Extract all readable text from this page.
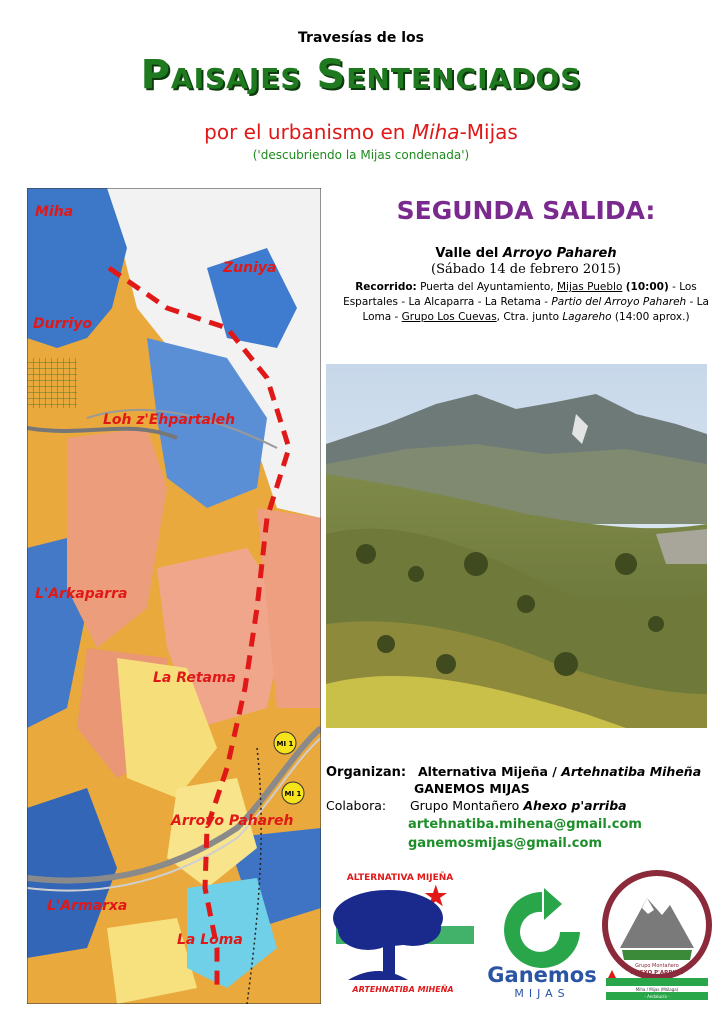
Travesías de los
Paisajes Sentenciados
por el urbanismo en Miha-Mijas
('descubriendo la Mijas condenada')
Miha
Zuniya
Durriyo
Loh z'Ehpartaleh
L'Arkaparra
La Retama
Arroyo Pahareh
L'Armarxa
La Loma
MI 1
MI 1
SEGUNDA SALIDA:
Valle del Arroyo Pahareh
(Sábado 14 de febrero 2015)
Recorrido: Puerta del Ayuntamiento, Mijas Pueblo (10:00) - Los Espartales - La Alcaparra - La Retama - Partio del Arroyo Pahareh - La Loma - Grupo Los Cuevas, Ctra. junto Lagareho (14:00 aprox.)
Organizan: Alternativa Mijeña / Artehnatiba Miheña
GANEMOS MIJAS
Colabora: Grupo Montañero Ahexo p'arriba
artehnatiba.mihena@gmail.com
ganemosmijas@gmail.com
ALTERNATIVA MIJEÑA
ARTEHNATIBA MIHEÑA
Ganemos
MIJAS
Grupo Montañero
AHEXO P'ARRIBA
Miha / Mijas (Málaga)
- Andalucía -
